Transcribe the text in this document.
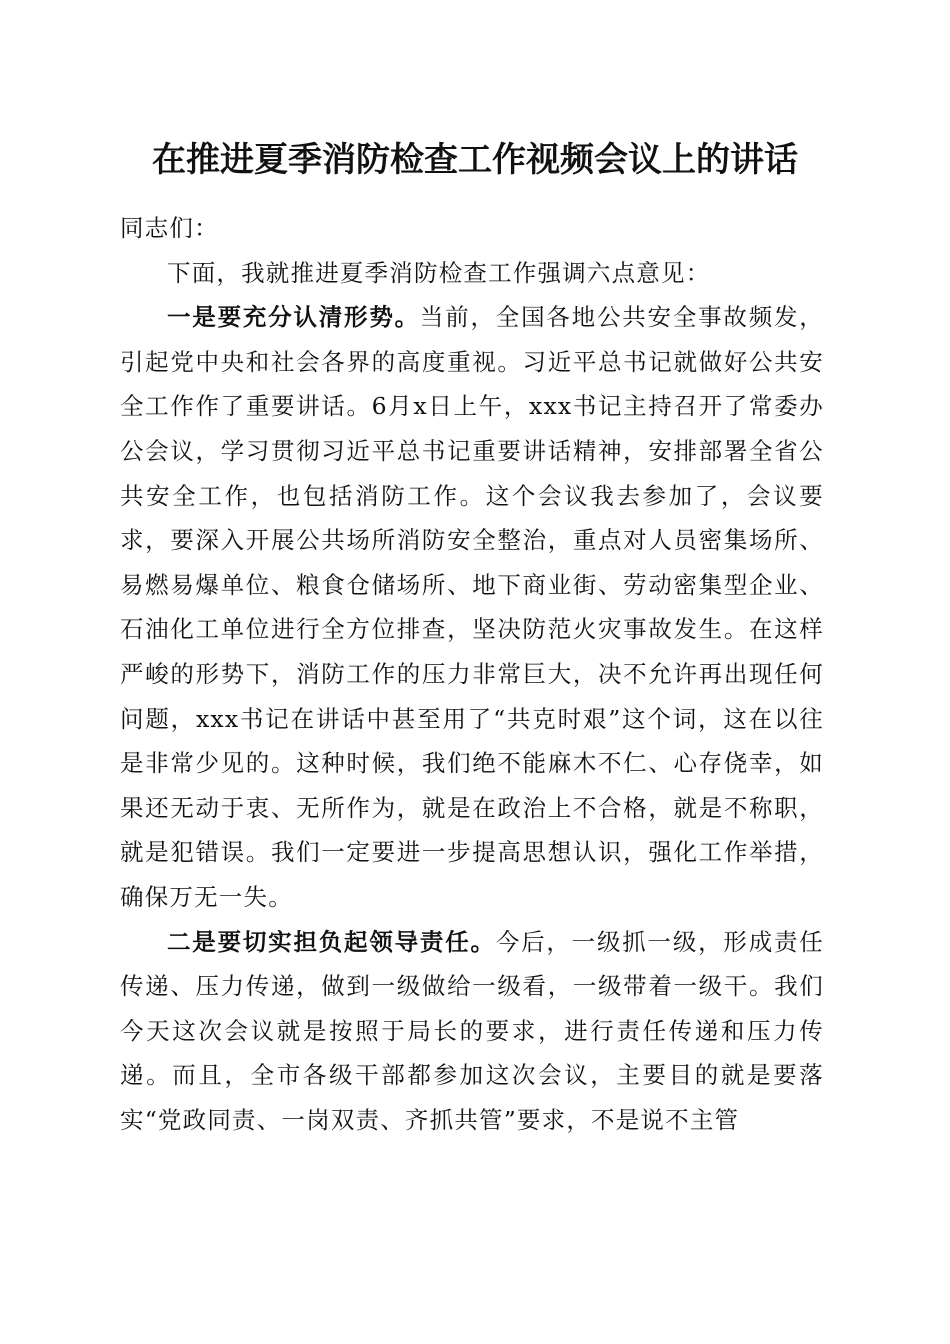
在推进夏季消防检查工作视频会议上的讲话

同志们：

下面，我就推进夏季消防检查工作强调六点意见：

一是要充分认清形势。当前，全国各地公共安全事故频发，引起党中央和社会各界的高度重视。习近平总书记就做好公共安全工作作了重要讲话。6月x日上午，xxx书记主持召开了常委办公会议，学习贯彻习近平总书记重要讲话精神，安排部署全省公共安全工作，也包括消防工作。这个会议我去参加了，会议要求，要深入开展公共场所消防安全整治，重点对人员密集场所、易燃易爆单位、粮食仓储场所、地下商业街、劳动密集型企业、石油化工单位进行全方位排查，坚决防范火灾事故发生。在这样严峻的形势下，消防工作的压力非常巨大，决不允许再出现任何问题，xxx书记在讲话中甚至用了“共克时艰”这个词，这在以往是非常少见的。这种时候，我们绝不能麻木不仁、心存侥幸，如果还无动于衷、无所作为，就是在政治上不合格，就是不称职，就是犯错误。我们一定要进一步提高思想认识，强化工作举措，确保万无一失。

二是要切实担负起领导责任。今后，一级抓一级，形成责任传递、压力传递，做到一级做给一级看，一级带着一级干。我们今天这次会议就是按照于局长的要求，进行责任传递和压力传递。而且，全市各级干部都参加这次会议，主要目的就是要落实“党政同责、一岗双责、齐抓共管”要求，不是说不主管
